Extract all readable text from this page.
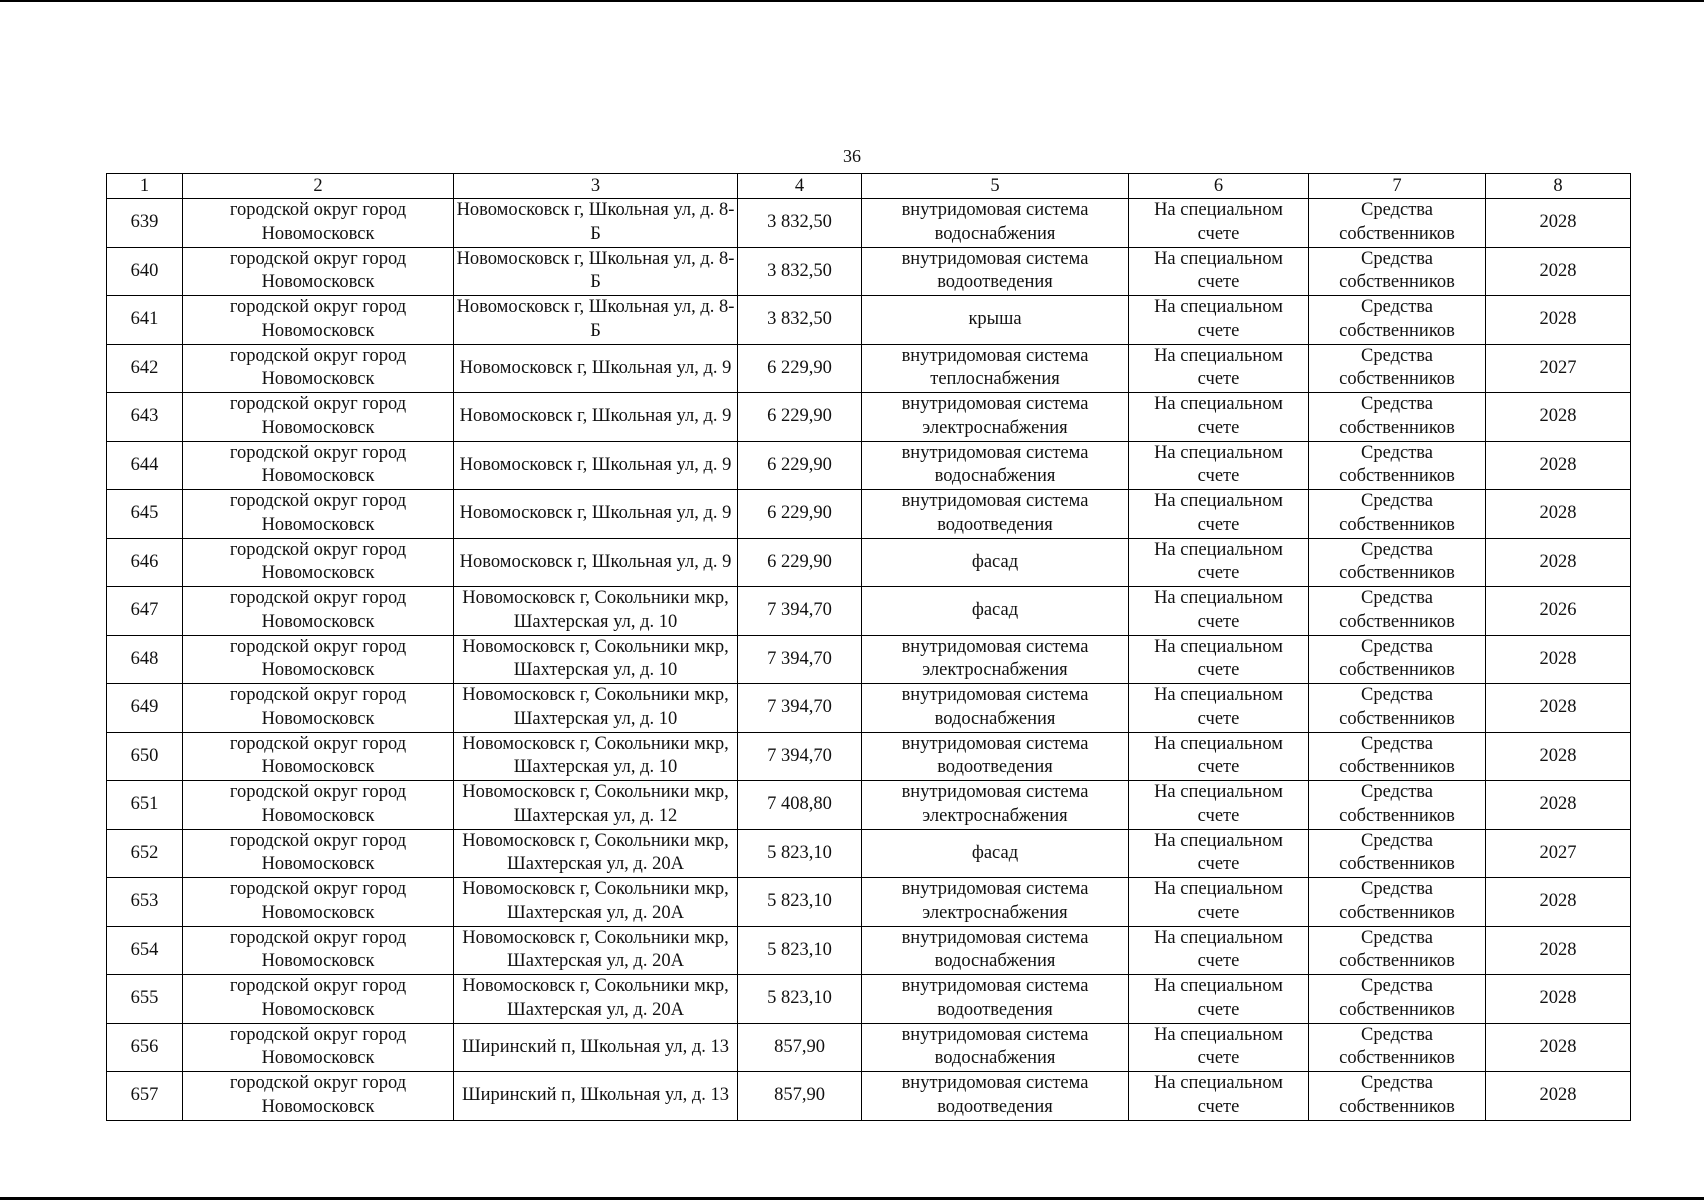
36
1	2	3	4	5	6	7	8
639	городской округ город Новомосковск	Новомосковск г, Школьная ул, д. 8-Б	3 832,50	внутридомовая система водоснабжения	На специальном счете	Средства собственников	2028
640	городской округ город Новомосковск	Новомосковск г, Школьная ул, д. 8-Б	3 832,50	внутридомовая система водоотведения	На специальном счете	Средства собственников	2028
641	городской округ город Новомосковск	Новомосковск г, Школьная ул, д. 8-Б	3 832,50	крыша	На специальном счете	Средства собственников	2028
642	городской округ город Новомосковск	Новомосковск г, Школьная ул, д. 9	6 229,90	внутридомовая система теплоснабжения	На специальном счете	Средства собственников	2027
643	городской округ город Новомосковск	Новомосковск г, Школьная ул, д. 9	6 229,90	внутридомовая система электроснабжения	На специальном счете	Средства собственников	2028
644	городской округ город Новомосковск	Новомосковск г, Школьная ул, д. 9	6 229,90	внутридомовая система водоснабжения	На специальном счете	Средства собственников	2028
645	городской округ город Новомосковск	Новомосковск г, Школьная ул, д. 9	6 229,90	внутридомовая система водоотведения	На специальном счете	Средства собственников	2028
646	городской округ город Новомосковск	Новомосковск г, Школьная ул, д. 9	6 229,90	фасад	На специальном счете	Средства собственников	2028
647	городской округ город Новомосковск	Новомосковск г, Сокольники мкр, Шахтерская ул, д. 10	7 394,70	фасад	На специальном счете	Средства собственников	2026
648	городской округ город Новомосковск	Новомосковск г, Сокольники мкр, Шахтерская ул, д. 10	7 394,70	внутридомовая система электроснабжения	На специальном счете	Средства собственников	2028
649	городской округ город Новомосковск	Новомосковск г, Сокольники мкр, Шахтерская ул, д. 10	7 394,70	внутридомовая система водоснабжения	На специальном счете	Средства собственников	2028
650	городской округ город Новомосковск	Новомосковск г, Сокольники мкр, Шахтерская ул, д. 10	7 394,70	внутридомовая система водоотведения	На специальном счете	Средства собственников	2028
651	городской округ город Новомосковск	Новомосковск г, Сокольники мкр, Шахтерская ул, д. 12	7 408,80	внутридомовая система электроснабжения	На специальном счете	Средства собственников	2028
652	городской округ город Новомосковск	Новомосковск г, Сокольники мкр, Шахтерская ул, д. 20А	5 823,10	фасад	На специальном счете	Средства собственников	2027
653	городской округ город Новомосковск	Новомосковск г, Сокольники мкр, Шахтерская ул, д. 20А	5 823,10	внутридомовая система электроснабжения	На специальном счете	Средства собственников	2028
654	городской округ город Новомосковск	Новомосковск г, Сокольники мкр, Шахтерская ул, д. 20А	5 823,10	внутридомовая система водоснабжения	На специальном счете	Средства собственников	2028
655	городской округ город Новомосковск	Новомосковск г, Сокольники мкр, Шахтерская ул, д. 20А	5 823,10	внутридомовая система водоотведения	На специальном счете	Средства собственников	2028
656	городской округ город Новомосковск	Ширинский п, Школьная ул, д. 13	857,90	внутридомовая система водоснабжения	На специальном счете	Средства собственников	2028
657	городской округ город Новомосковск	Ширинский п, Школьная ул, д. 13	857,90	внутридомовая система водоотведения	На специальном счете	Средства собственников	2028
